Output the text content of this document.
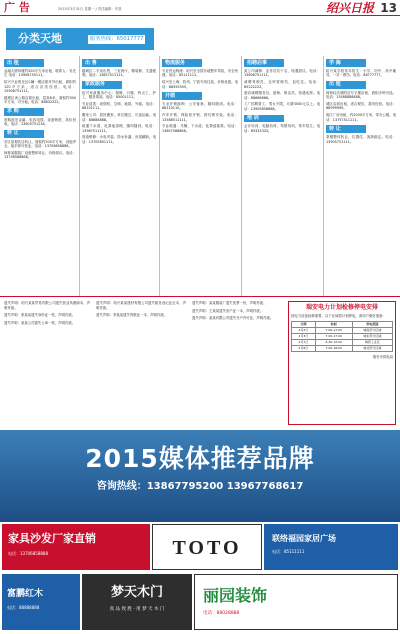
广 告	2015年3月31日 星期一 / 责任编辑：许凯	绍兴日报 13
分类天地	服务热线：65017777
出 租
金融大厦四楼约200平方米出租，联系人：吴先生 电话：13906755111。
绍兴兴业苑北区C幢一楼店面对外出租，面积约120平方米，适合各类经营。电话：15906751111。
越城区汤公路店面出租，层高6米，面积约300平方米，可分租。电话：88632222。
求 购
收购废旧金属、电线电缆、设备物资，高价回收。电话：13905751234。
转 让
市区某餐饮店转让，面积约200平方米，设施齐全，接手即可营业。电话：13706858888。
柯桥某服装厂设备整体转让，价格面议。电话：13758588888。
出 售
越城区二手房出售，三室两厅，精装修，交通便利。电话：13857511111。
家政服务
绍兴家政服务中心：保姆、月嫂、钟点工、护工，服务周到。电话：85001111。
专业清洗：油烟机、空调、地毯、外墙。电话：88101111。
搬家公司：居民搬家、单位搬迁、长途运输。电话：88888888。
疏通下水道、化粪池清理，随叫随到。电话：13967511111。
管道维修：水电安装、防水补漏、房屋翻新。电话：13705851111。
物流服务
专业货运物流：绍兴至全国各地整车零担，安全快捷。电话：85111111。
绍兴至上海、杭州、宁波专线往返，价格优惠。电话：88555555。
开锁
专业开锁换锁：公安备案，随叫随到。电话：88110110。
汽车开锁、保险柜开锁、指纹锁安装。电话：13588511111。
专业疏通：马桶、下水道、化粪池抽粪。电话：13857588888。
招聘启事
某公司诚聘：业务员若干名，待遇面议。电话：13606751111。
诚聘驾驶员、仓库管理员，包吃住。电话：85222222。
酒店诚聘服务员、厨师、保洁员，待遇优厚。电话：88666666。
工厂招聘普工，男女不限，月薪3000元以上。电话：13905858888。
培 训
会计培训、电脑培训、驾驶培训，常年招生。电话：85333333。
学 海
绍兴某学校常年招生：小学、初中、高中辅导，一对一教学。电话：88777777。
出 租
柯桥轻纺城附近写字楼出租，面积多种可选。电话：13588888888。
城区店面出租，适合餐饮、超市经营。电话：88999999。
袍江厂房出租，约2000平方米，带办公楼。电话：13757511111。
转 让
茶楼整体转让，位置佳，客源稳定。电话：13905751111。

遗失声明：绍兴某某贸易有限公司遗失营业执照副本，声明作废。

遗失声明：张某某遗失身份证一张，声明作废。

遗失声明：某某公司遗失公章一枚，声明作废。

遗失声明：绍兴某某建材有限公司遗失税务登记证正本，声明作废。

遗失声明：李某某遗失驾驶证一本，声明作废。

遗失声明：某某服装厂遗失发票一份，声明作废。

遗失声明：王某某遗失房产证一本，声明作废。

遗失声明：某某有限公司遗失开户许可证，声明作废。

瑞安电力计划检修停电安排
因电力设备检修需要，以下区域将计划停电，请用户做好准备：
日期	时间	停电范围
4月2日	7:00-17:00	城南部分区域
4月3日	7:00-17:00	城东部分区域
4月7日	6:30-12:00	城西工业区
4月8日	7:00-18:00	城北部分区域
瑞安市供电局
2015媒体推荐品牌
咨询热线：13867795200 13967768617
家具沙发厂家直销
电话：13706858888	TOTO	联络福园家居广场
电话：85111111
富鹏红木
电话：88888888
梦天木门
真 品 致 胜 · 用 梦 天 木 门
丽园装饰
电话：88028888
